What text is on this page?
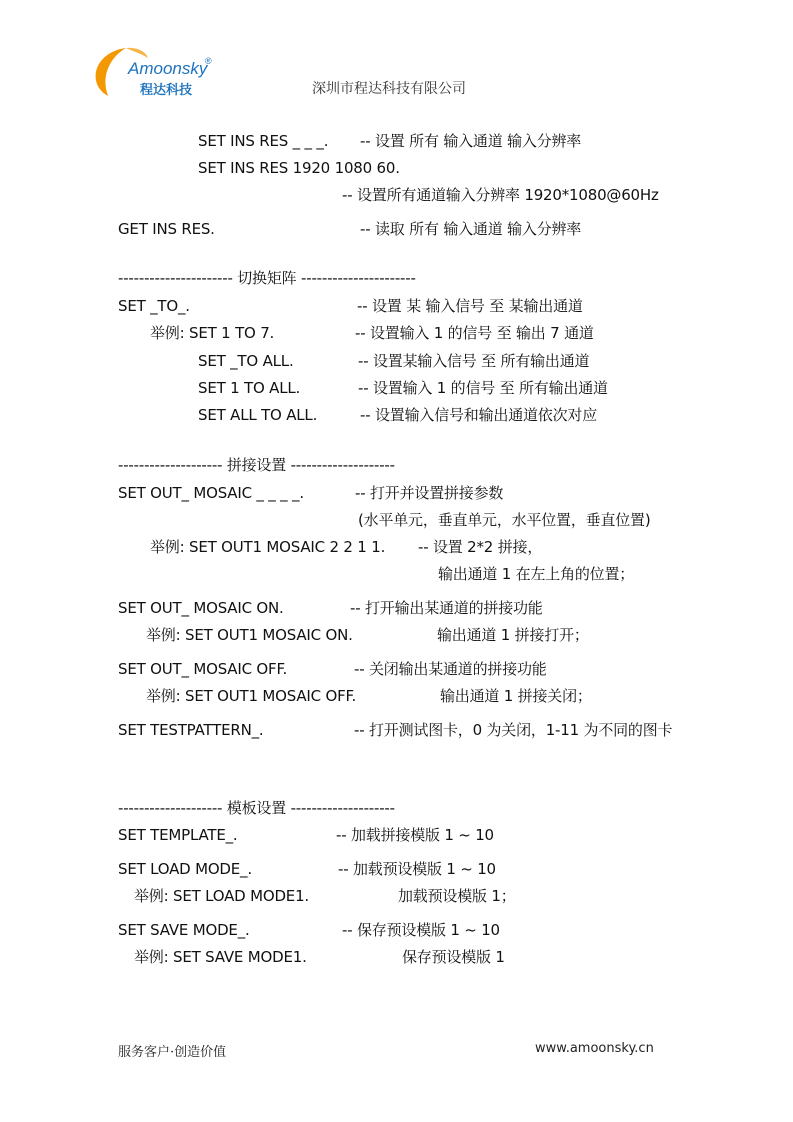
Amoonsky
®
程达科技	深圳市程达科技有限公司
SET INS RES _ _ _. -- 设置 所有 输入通道 输入分辨率
SET INS RES 1920 1080 60.
-- 设置所有通道输入分辨率 1920*1080@60Hz
GET INS RES.	-- 读取 所有 输入通道 输入分辨率
---------------------- 切换矩阵 ----------------------
SET _TO_.	-- 设置 某 输入信号 至 某输出通道
举例: SET 1 TO 7.	-- 设置输入 1 的信号 至 输出 7 通道
SET _TO ALL.	-- 设置某输入信号 至 所有输出通道
SET 1 TO ALL.	-- 设置输入 1 的信号 至 所有输出通道
SET ALL TO ALL.	-- 设置输入信号和输出通道依次对应
-------------------- 拼接设置 --------------------
SET OUT_ MOSAIC _ _ _ _.	-- 打开并设置拼接参数
(水平单元，垂直单元，水平位置，垂直位置)
举例: SET OUT1 MOSAIC 2 2 1 1. -- 设置 2*2 拼接，
输出通道 1 在左上角的位置；
SET OUT_ MOSAIC ON.	-- 打开输出某通道的拼接功能
举例: SET OUT1 MOSAIC ON.	输出通道 1 拼接打开；
SET OUT_ MOSAIC OFF.	-- 关闭输出某通道的拼接功能
举例: SET OUT1 MOSAIC OFF.	输出通道 1 拼接关闭；
SET TESTPATTERN_.	-- 打开测试图卡，0 为关闭，1-11 为不同的图卡
-------------------- 模板设置 --------------------
SET TEMPLATE_.	-- 加载拼接模版 1 ~ 10
SET LOAD MODE_.	-- 加载预设模版 1 ~ 10
举例: SET LOAD MODE1.	加载预设模版 1；
SET SAVE MODE_.	-- 保存预设模版 1 ~ 10
举例: SET SAVE MODE1.	保存预设模版 1
服务客户·创造价值	www.amoonsky.cn
